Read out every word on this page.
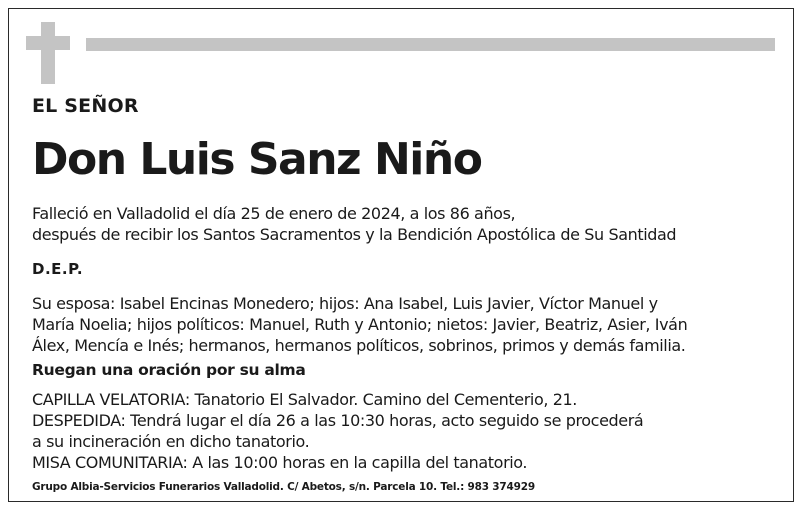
EL SEÑOR
Don Luis Sanz Niño
Falleció en Valladolid el día 25 de enero de 2024, a los 86 años,
después de recibir los Santos Sacramentos y la Bendición Apostólica de Su Santidad
D.E.P.
Su esposa: Isabel Encinas Monedero; hijos: Ana Isabel, Luis Javier, Víctor Manuel y
María Noelia; hijos políticos: Manuel, Ruth y Antonio; nietos: Javier, Beatriz, Asier, Iván
Álex, Mencía e Inés; hermanos, hermanos políticos, sobrinos, primos y demás familia.
Ruegan una oración por su alma
CAPILLA VELATORIA: Tanatorio El Salvador. Camino del Cementerio, 21.
DESPEDIDA: Tendrá lugar el día 26 a las 10:30 horas, acto seguido se procederá
a su incineración en dicho tanatorio.
MISA COMUNITARIA: A las 10:00 horas en la capilla del tanatorio.
Grupo Albia-Servicios Funerarios Valladolid. C/ Abetos, s/n. Parcela 10. Tel.: 983 374929
